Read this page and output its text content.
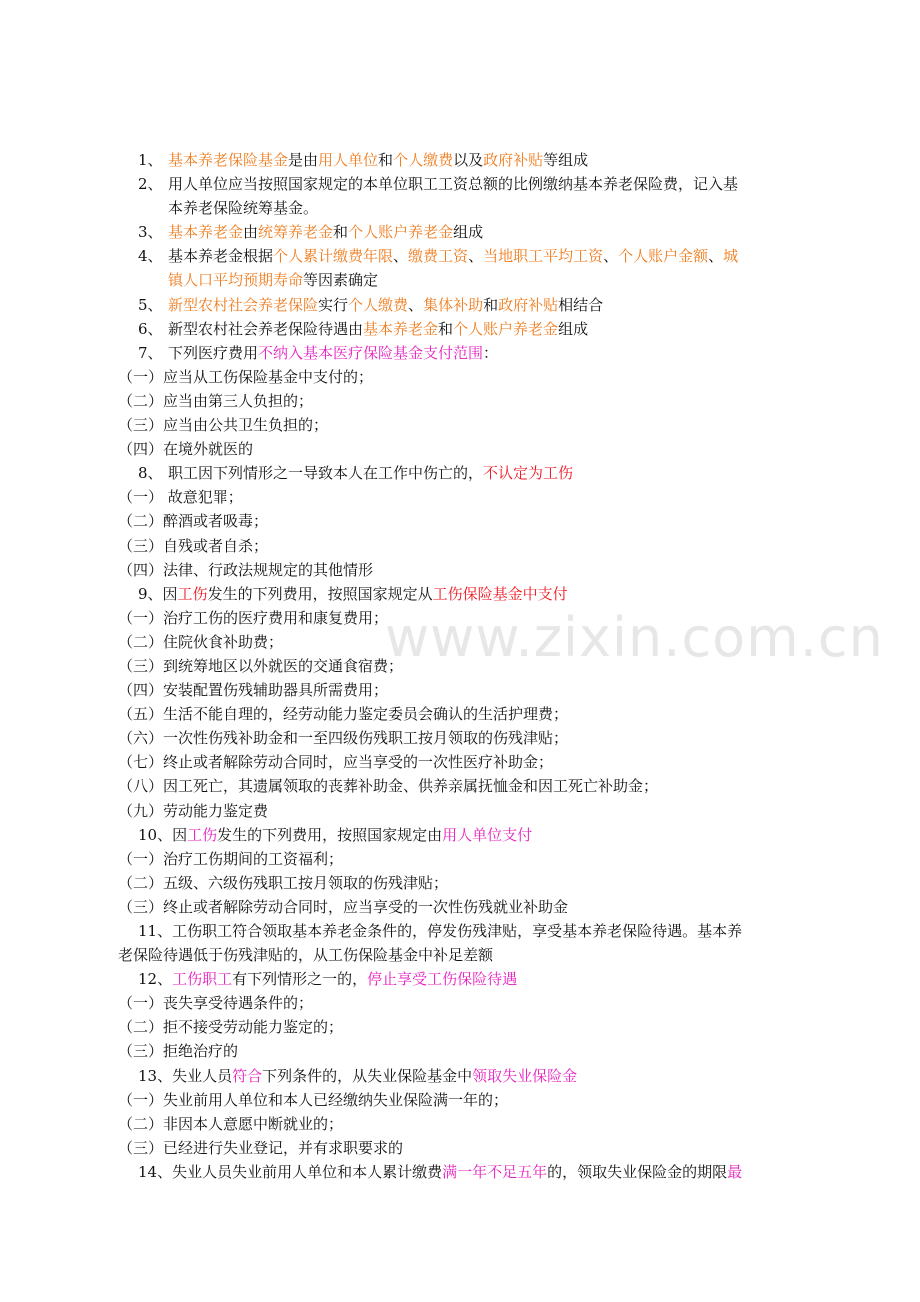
1、 基本养老保险基金是由用人单位和个人缴费以及政府补贴等组成
2、 用人单位应当按照国家规定的本单位职工工资总额的比例缴纳基本养老保险费，记入基
本养老保险统筹基金。
3、 基本养老金由统筹养老金和个人账户养老金组成
4、 基本养老金根据个人累计缴费年限、缴费工资、当地职工平均工资、个人账户金额、城
镇人口平均预期寿命等因素确定
5、 新型农村社会养老保险实行个人缴费、集体补助和政府补贴相结合
6、 新型农村社会养老保险待遇由基本养老金和个人账户养老金组成
7、 下列医疗费用不纳入基本医疗保险基金支付范围：
（一）应当从工伤保险基金中支付的；
（二）应当由第三人负担的；
（三）应当由公共卫生负担的；
（四）在境外就医的
8、 职工因下列情形之一导致本人在工作中伤亡的，不认定为工伤
（一） 故意犯罪；
（二）醉酒或者吸毒；
（三）自残或者自杀；
（四）法律、行政法规规定的其他情形
9、因工伤发生的下列费用，按照国家规定从工伤保险基金中支付
（一）治疗工伤的医疗费用和康复费用；
（二）住院伙食补助费；
（三）到统筹地区以外就医的交通食宿费；
（四）安装配置伤残辅助器具所需费用；
（五）生活不能自理的，经劳动能力鉴定委员会确认的生活护理费；
（六）一次性伤残补助金和一至四级伤残职工按月领取的伤残津贴；
（七）终止或者解除劳动合同时，应当享受的一次性医疗补助金；
（八）因工死亡，其遗属领取的丧葬补助金、供养亲属抚恤金和因工死亡补助金；
（九）劳动能力鉴定费
10、因工伤发生的下列费用，按照国家规定由用人单位支付
（一）治疗工伤期间的工资福利；
（二）五级、六级伤残职工按月领取的伤残津贴；
（三）终止或者解除劳动合同时，应当享受的一次性伤残就业补助金
11、工伤职工符合领取基本养老金条件的，停发伤残津贴，享受基本养老保险待遇。基本养
老保险待遇低于伤残津贴的，从工伤保险基金中补足差额
12、工伤职工有下列情形之一的，停止享受工伤保险待遇
（一）丧失享受待遇条件的；
（二）拒不接受劳动能力鉴定的；
（三）拒绝治疗的
13、失业人员符合下列条件的，从失业保险基金中领取失业保险金
（一）失业前用人单位和本人已经缴纳失业保险满一年的；
（二）非因本人意愿中断就业的；
（三）已经进行失业登记，并有求职要求的
14、失业人员失业前用人单位和本人累计缴费满一年不足五年的，领取失业保险金的期限最
www.zixin.com.cn
